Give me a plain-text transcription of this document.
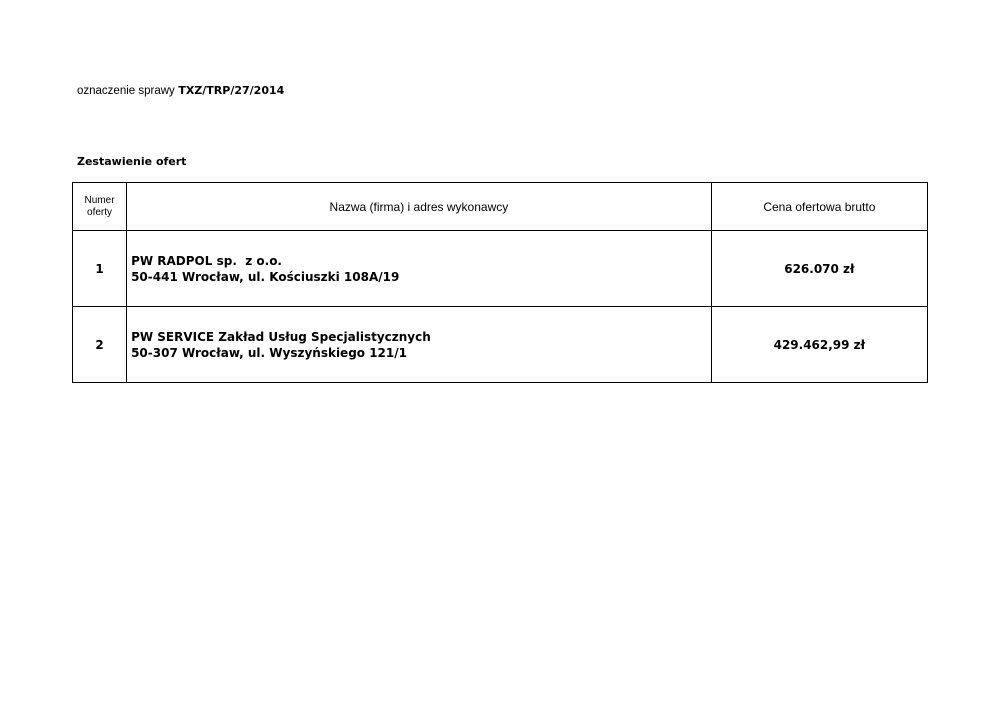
oznaczenie sprawy TXZ/TRP/27/2014
Zestawienie ofert
Numer
oferty	Nazwa (firma) i adres wykonawcy	Cena ofertowa brutto
1	PW RADPOL sp.  z o.o.
50-441 Wrocław, ul. Kościuszki 108A/19	626.070 zł
2	PW SERVICE Zakład Usług Specjalistycznych
50-307 Wrocław, ul. Wyszyńskiego 121/1	429.462,99 zł
